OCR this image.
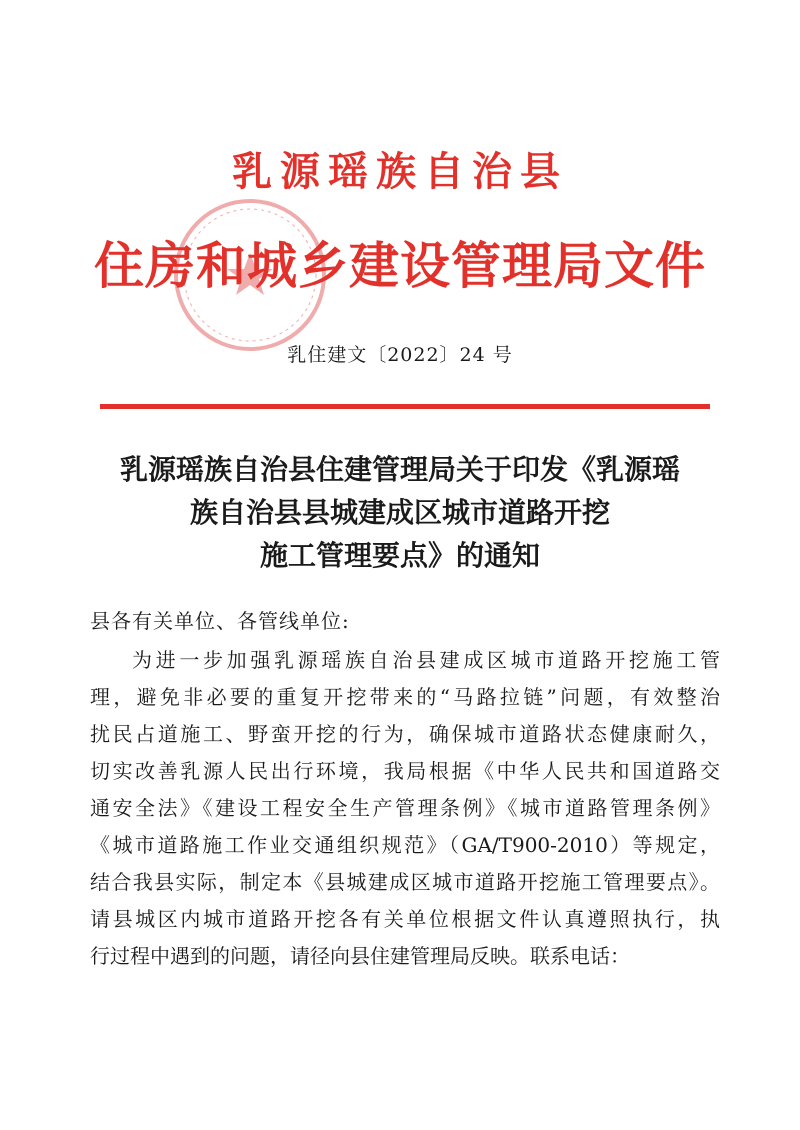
乳源瑶族自治县
住房和城乡建设管理局文件
乳住建文〔2022〕24 号
乳源瑶族自治县住建管理局关于印发《乳源瑶
族自治县县城建成区城市道路开挖
施工管理要点》的通知
县各有关单位、各管线单位:
为进一步加强乳源瑶族自治县建成区城市道路开挖施工管
理，避免非必要的重复开挖带来的“马路拉链”问题，有效整治
扰民占道施工、野蛮开挖的行为，确保城市道路状态健康耐久，
切实改善乳源人民出行环境，我局根据《中华人民共和国道路交
通安全法》《建设工程安全生产管理条例》《城市道路管理条例》
《城市道路施工作业交通组织规范》（GA/T900-2010）等规定，
结合我县实际，制定本《县城建成区城市道路开挖施工管理要点》。
请县城区内城市道路开挖各有关单位根据文件认真遵照执行，执
行过程中遇到的问题，请径向县住建管理局反映。联系电话：
